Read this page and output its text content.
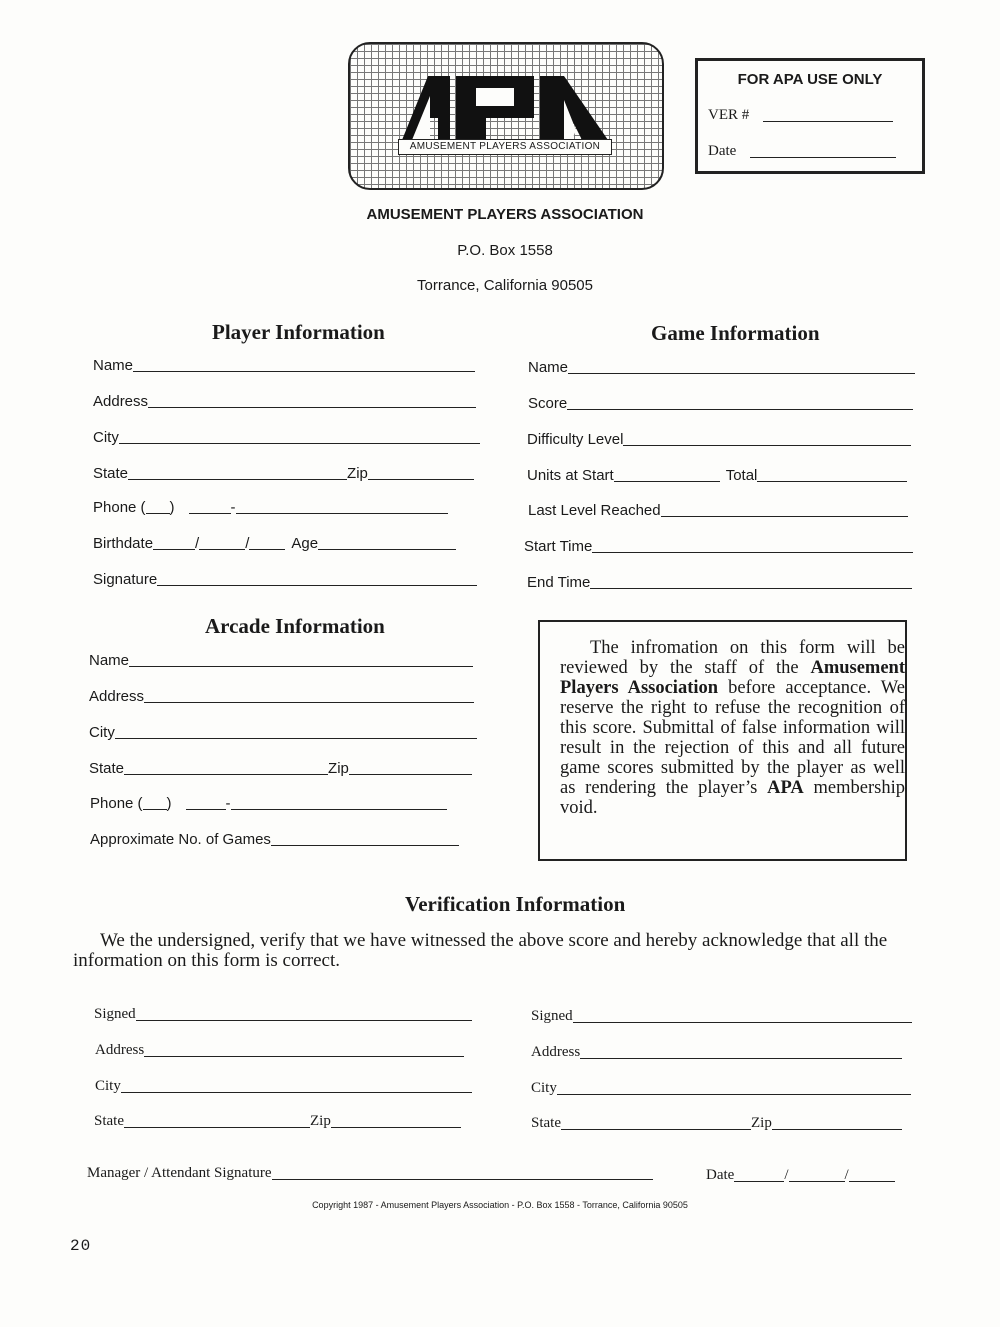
AMUSEMENT PLAYERS ASSOCIATION
FOR APA USE ONLY
VER #
Date
AMUSEMENT PLAYERS ASSOCIATION
P.O. Box 1558
Torrance, California 90505
Player Information
Name
Address
City
State	Zip
Phone ( )	-
Birthdate	/	/	Age
Signature
Game Information
Name
Score
Difficulty Level
Units at Start	Total
Last Level Reached
Start Time
End Time
Arcade Information
Name
Address
City
State	Zip
Phone ( )	-
Approximate No. of Games
The infromation on this form will be reviewed by the staff of the Amusement Players Association before acceptance. We reserve the right to refuse the recognition of this score. Submittal of false information will result in the rejection of this and all future game scores submitted by the player as well as rendering the player’s APA membership void.
Verification Information
We the undersigned, verify that we have witnessed the above score and hereby acknowledge that all the information on this form is correct.
Signed
Address
City
State	Zip
Signed
Address
City
State	Zip
Manager / Attendant Signature	Date	/	/
Copyright 1987 - Amusement Players Association - P.O. Box 1558 - Torrance, California 90505
20
